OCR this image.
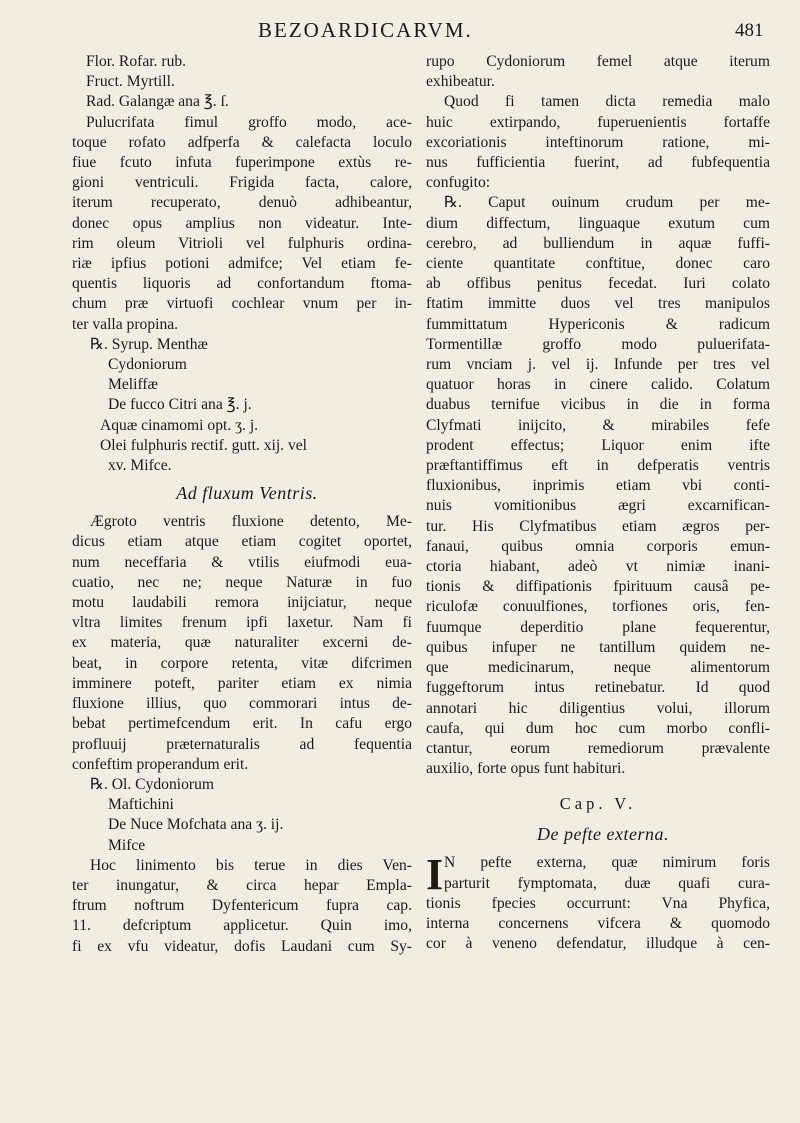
BEZOARDICARVM.	481
Flor. Rofar. rub.
Fruct. Myrtill.
Rad. Galangæ ana ℥. ſ.
Pulucrifata fimul groffo modo, ace-
toque rofato adfperfa & calefacta loculo
fiue fcuto infuta fuperimpone extùs re-
gioni ventriculi. Frigida facta, calore,
iterum recuperato, denuò adhibeantur,
donec opus amplius non videatur. Inte-
rim oleum Vitrioli vel fulphuris ordina-
riæ ipfius potioni admifce; Vel etiam fe-
quentis liquoris ad confortandum ftoma-
chum præ virtuofi cochlear vnum per in-
ter valla propina.
℞. Syrup. Menthæ
Cydoniorum
Meliffæ
De fucco Citri ana ℥. j.
Aquæ cinamomi opt. ʒ. j.
Olei fulphuris rectif. gutt. xij. vel
xv. Mifce.
Ad fluxum Ventris.
Ægroto ventris fluxione detento, Me-
dicus etiam atque etiam cogitet oportet,
num neceffaria & vtilis eiufmodi eua-
cuatio, nec ne; neque Naturæ in fuo
motu laudabili remora inijciatur, neque
vltra limites frenum ipfi laxetur. Nam fi
ex materia, quæ naturaliter excerni de-
beat, in corpore retenta, vitæ difcrimen
imminere poteft, pariter etiam ex nimia
fluxione illius, quo commorari intus de-
bebat pertimefcendum erit. In cafu ergo
profluuij præternaturalis ad fequentia
confeftim properandum erit.
℞. Ol. Cydoniorum
Maftichini
De Nuce Mofchata ana ʒ. ij.
Mifce
Hoc linimento bis terue in dies Ven-
ter inungatur, & circa hepar Empla-
ftrum noftrum Dyfentericum fupra cap.
11. defcriptum applicetur. Quin imo,
fi ex vfu videatur, dofis Laudani cum Sy-
rupo Cydoniorum femel atque iterum
exhibeatur.
Quod fi tamen dicta remedia malo
huic extirpando, fuperuenientis fortaffe
excoriationis inteftinorum ratione, mi-
nus fufficientia fuerint, ad fubfequentia
confugito:
℞. Caput ouinum crudum per me-
dium diffectum, linguaque exutum cum
cerebro, ad bulliendum in aquæ fuffi-
ciente quantitate conftitue, donec caro
ab offibus penitus fecedat. Iuri colato
ftatim immitte duos vel tres manipulos
fummittatum Hypericonis & radicum
Tormentillæ groffo modo puluerifata-
rum vnciam j. vel ij. Infunde per tres vel
quatuor horas in cinere calido. Colatum
duabus ternifue vicibus in die in forma
Clyfmati inijcito, & mirabiles fefe
prodent effectus; Liquor enim ifte
præftantiffimus eft in defperatis ventris
fluxionibus, inprimis etiam vbi conti-
nuis vomitionibus ægri excarnifican-
tur. His Clyfmatibus etiam ægros per-
fanaui, quibus omnia corporis emun-
ctoria hiabant, adeò vt nimiæ inani-
tionis & diffipationis fpirituum causâ pe-
riculofæ conuulfiones, torfiones oris, fen-
fuumque deperditio plane fequerentur,
quibus infuper ne tantillum quidem ne-
que medicinarum, neque alimentorum
fuggeftorum intus retinebatur. Id quod
annotari hic diligentius volui, illorum
caufa, qui dum hoc cum morbo confli-
ctantur, eorum remediorum prævalente
auxilio, forte opus funt habituri.
Cap. V.
De pefte externa.
I N pefte externa, quæ nimirum foris
parturit fymptomata, duæ quafi cura-
tionis fpecies occurrunt: Vna Phyfica,
interna concernens vifcera & quomodo
cor à veneno defendatur, illudque à cen-
